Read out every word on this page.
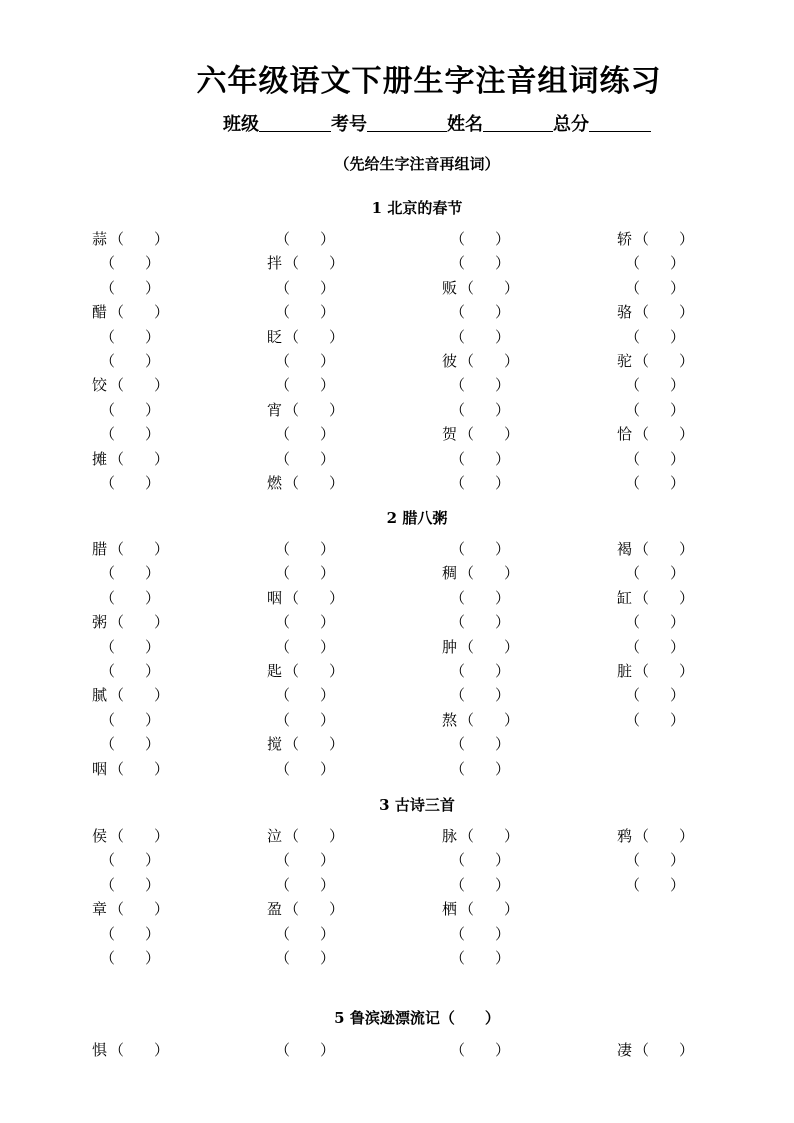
六年级语文下册生字注音组词练习
班级	考号	姓名	总分
（先给生字注音再组词）
1 北京的春节
蒜 （　　）	（　　）	（　　）	轿 （　　）
（　　）	拌 （　　）	（　　）	（　　）
（　　）	（　　）	贩 （　　）	（　　）
醋 （　　）	（　　）	（　　）	骆 （　　）
（　　）	眨 （　　）	（　　）	（　　）
（　　）	（　　）	彼 （　　）	驼 （　　）
饺 （　　）	（　　）	（　　）	（　　）
（　　）	宵 （　　）	（　　）	（　　）
（　　）	（　　）	贺 （　　）	恰 （　　）
摊 （　　）	（　　）	（　　）	（　　）
（　　）	燃 （　　）	（　　）	（　　）
2 腊八粥
腊 （　　）	（　　）	（　　）	褐 （　　）
（　　）	（　　）	稠 （　　）	（　　）
（　　）	咽 （　　）	（　　）	缸 （　　）
粥 （　　）	（　　）	（　　）	（　　）
（　　）	（　　）	肿 （　　）	（　　）
（　　）	匙 （　　）	（　　）	脏 （　　）
腻 （　　）	（　　）	（　　）	（　　）
（　　）	（　　）	熬 （　　）	（　　）
（　　）	搅 （　　）	（　　）
咽 （　　）	（　　）	（　　）
3 古诗三首
侯 （　　）	泣 （　　）	脉 （　　）	鸦 （　　）
（　　）	（　　）	（　　）	（　　）
（　　）	（　　）	（　　）	（　　）
章 （　　）	盈 （　　）	栖 （　　）
（　　）	（　　）	（　　）
（　　）	（　　）	（　　）
5 鲁滨逊漂流记（　　）
惧 （　　）	（　　）	（　　）	凄 （　　）
